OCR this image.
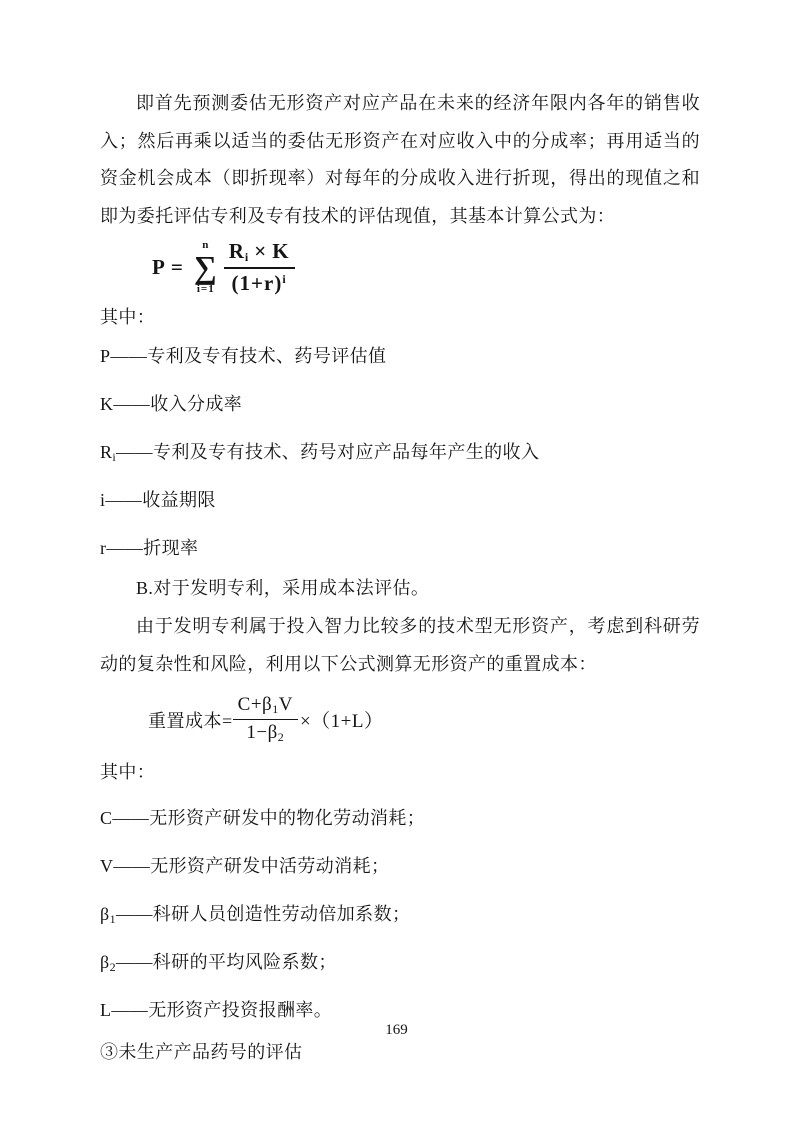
即首先预测委估无形资产对应产品在未来的经济年限内各年的销售收入；然后再乘以适当的委估无形资产在对应收入中的分成率；再用适当的资金机会成本（即折现率）对每年的分成收入进行折现，得出的现值之和即为委托评估专利及专有技术的评估现值，其基本计算公式为：

P =
n
∑
$i=1 \frac{R_i \times K}{(1+r)^i}$

其中：

P——专利及专有技术、药号评估值

K——收入分成率

$R_i——$专利及专有技术、药号对应产品每年产生的收入

i——收益期限

r——折现率

B.对于发明专利，采用成本法评估。

由于发明专利属于投入智力比较多的技术型无形资产，考虑到科研劳动的复杂性和风险，利用以下公式测算无形资产的重置成本：

重置成本= $\frac{C+\beta_1V}{1-\beta_2} \times(1+L)$

其中：

C——无形资产研发中的物化劳动消耗；

V——无形资产研发中活劳动消耗；

$\beta_1——$科研人员创造性劳动倍加系数；

$\beta_2——$科研的平均风险系数；

L——无形资产投资报酬率。

③未生产产品药号的评估

169
